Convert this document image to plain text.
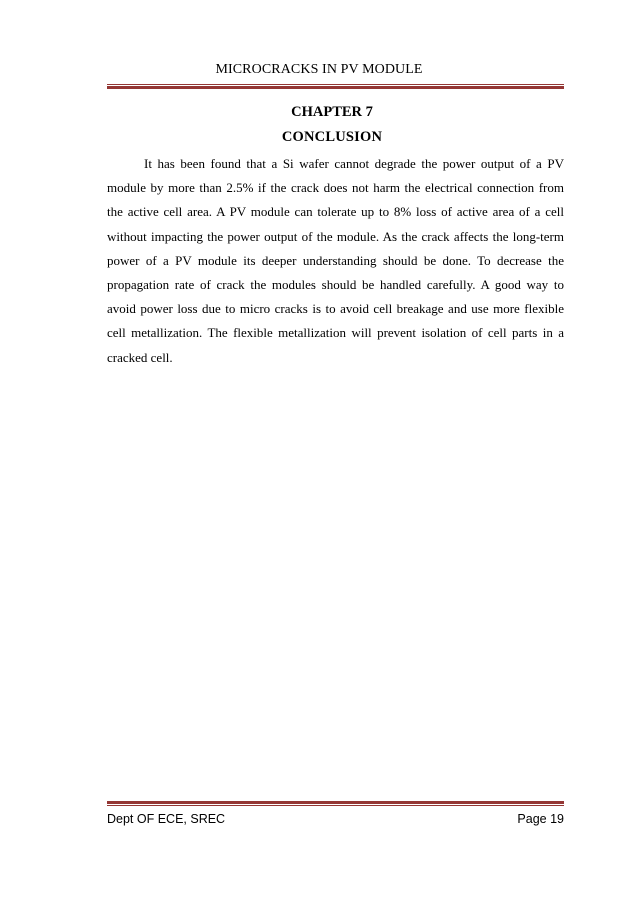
MICROCRACKS IN PV MODULE
CHAPTER 7
CONCLUSION

It has been found that a Si wafer cannot degrade the power output of a PV module by more than 2.5% if the crack does not harm the electrical connection from the active cell area. A PV module can tolerate up to 8% loss of active area of a cell without impacting the power output of the module. As the crack affects the long-term power of a PV module its deeper understanding should be done. To decrease the propagation rate of crack the modules should be handled carefully. A good way to avoid power loss due to micro cracks is to avoid cell breakage and use more flexible cell metallization. The flexible metallization will prevent isolation of cell parts in a cracked cell.

Dept OF ECE, SREC	Page 19
